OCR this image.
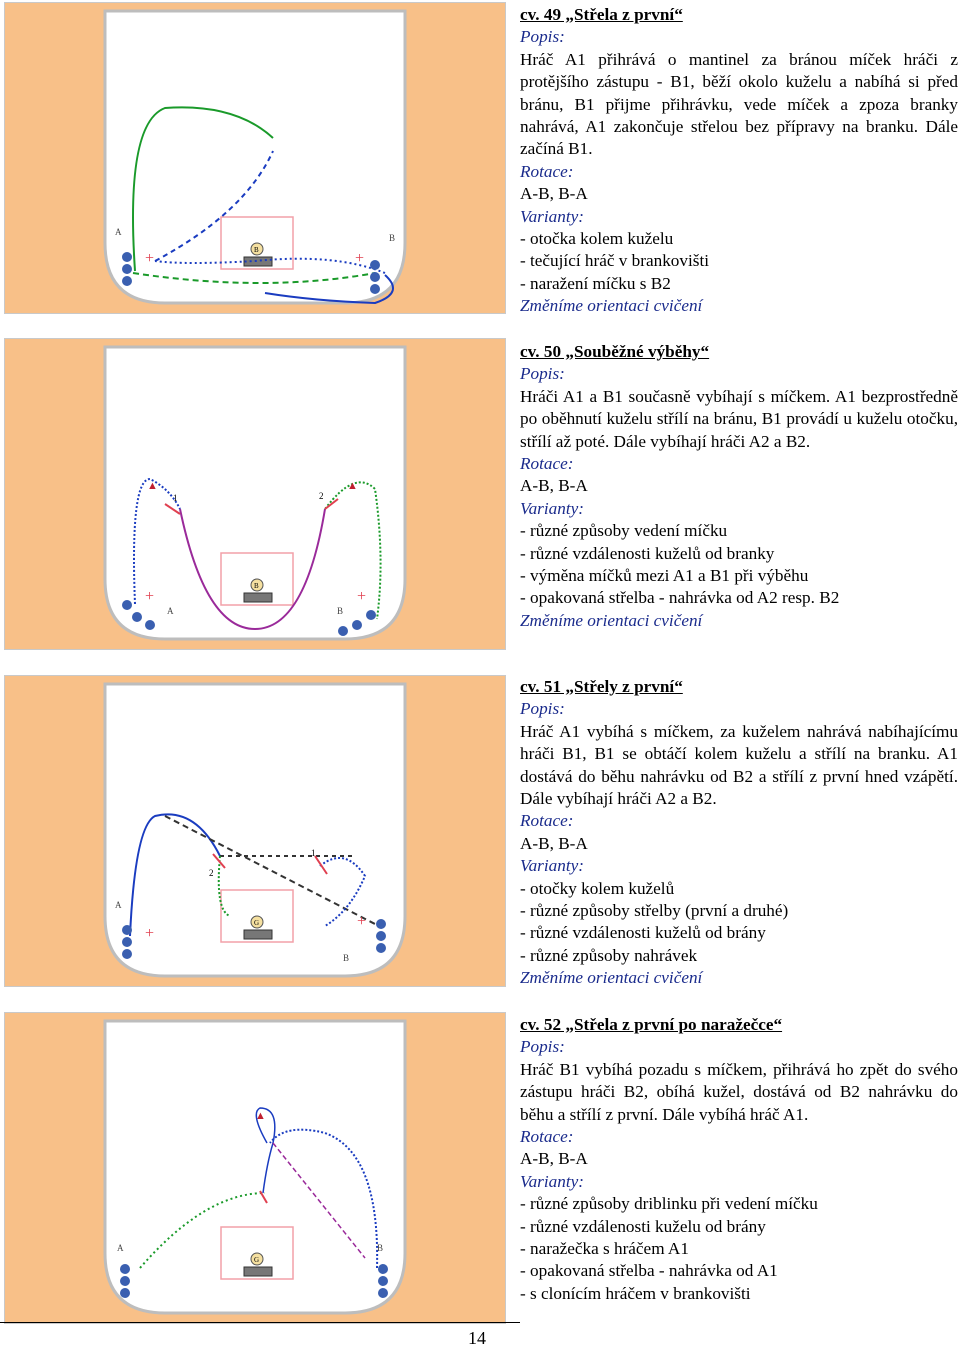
B
A
B
+	+

cv. 49 „Střela z první“

Popis:

Hráč A1 přihrává o mantinel za bránou míček hráči z protějšího zástupu - B1, běží okolo kuželu a nabíhá si před bránu, B1 přijme přihrávku, vede míček a zpoza branky nahrává, A1 zakončuje střelou bez přípravy na branku. Dále začíná B1.

Rotace:

A-B, B-A

Varianty:

- otočka kolem kuželu

- tečující hráč v brankovišti

- naražení míčku s B2

Změníme orientaci cvičení

B
1	2
A	B
+	+
▲	▲

cv. 50 „Souběžné výběhy“

Popis:

Hráči A1 a B1 současně vybíhají s míčkem. A1 bezprostředně po oběhnutí kuželu střílí na bránu, B1 provádí u kuželu otočku, střílí až poté. Dále vybíhají hráči A2 a B2.

Rotace:

A-B, B-A

Varianty:

- různé způsoby vedení míčku

- různé vzdálenosti kuželů od branky

- výměna míčků mezi A1 a B1 při výběhu

- opakovaná střelba - nahrávka od A2 resp. B2

Změníme orientaci cvičení

G
1
2
A
B
+
+

cv. 51 „Střely z první“

Popis:

Hráč A1 vybíhá s míčkem, za kuželem nahrává nabíhajícímu hráči B1, B1 se obtáčí kolem kuželu a střílí na branku. A1 dostává do běhu nahrávku od B2 a střílí z první hned vzápětí. Dále vybíhají hráči A2 a B2.

Rotace:

A-B, B-A

Varianty:

- otočky kolem kuželů

- různé způsoby střelby (první a druhé)

- různé vzdálenosti kuželů od brány

- různé způsoby nahrávek

Změníme orientaci cvičení

G
A	B
▲

cv. 52 „Střela z první po naražečce“

Popis:

Hráč B1 vybíhá pozadu s míčkem, přihrává ho zpět do svého zástupu hráči B2, obíhá kužel, dostává od B2 nahrávku do běhu a střílí z první. Dále vybíhá hráč A1.

Rotace:

A-B, B-A

Varianty:

- různé způsoby driblinku při vedení míčku

- různé vzdálenosti kuželu od brány

- naražečka s hráčem A1

- opakovaná střelba - nahrávka od A1

- s clonícím hráčem v brankovišti

14
